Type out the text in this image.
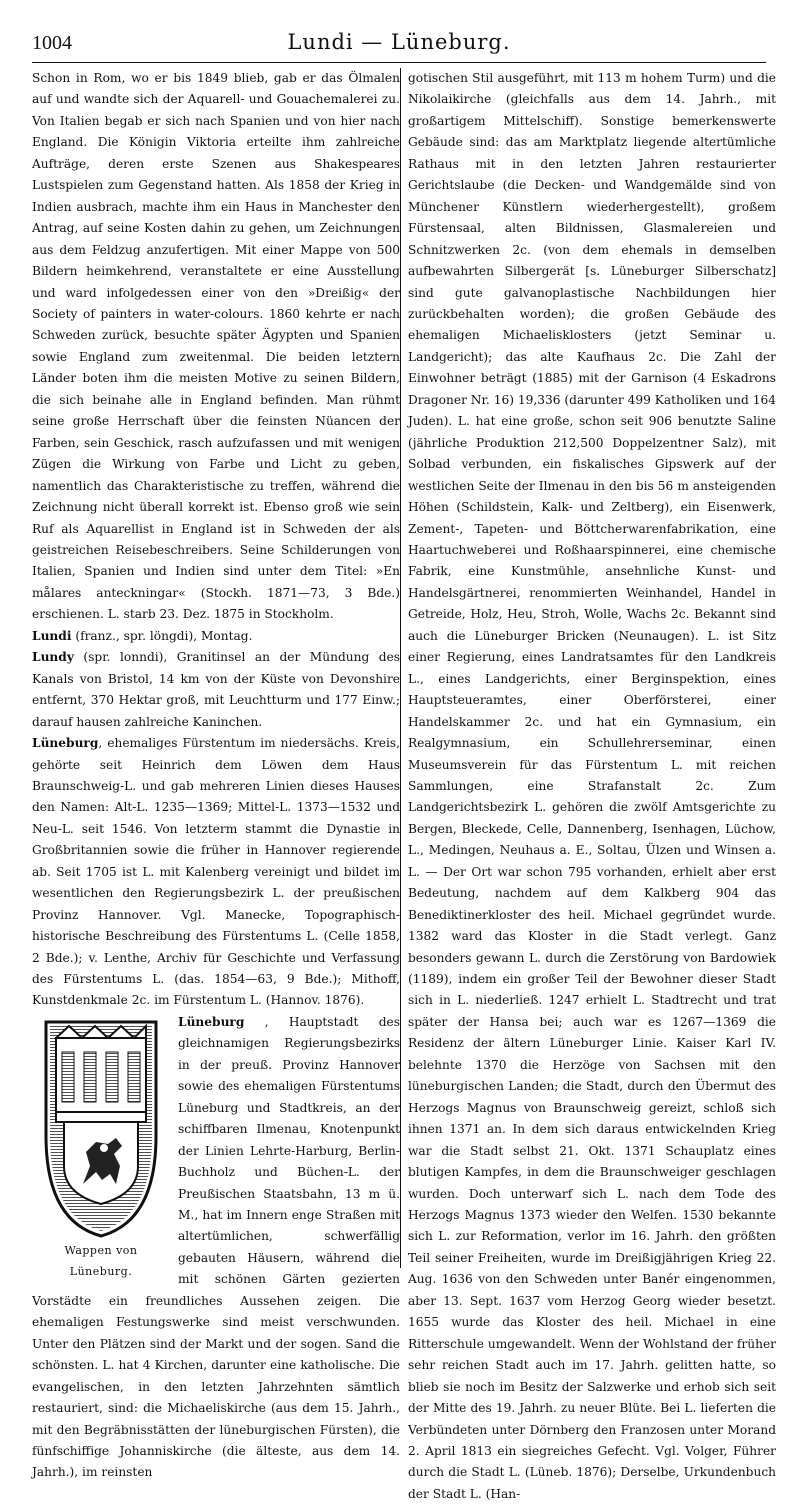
1004	Lundi — Lüneburg.

Schon in Rom, wo er bis 1849 blieb, gab er das Ölmalen auf und wandte sich der Aquarell- und Gouachemalerei zu. Von Italien begab er sich nach Spanien und von hier nach England. Die Königin Viktoria erteilte ihm zahlreiche Aufträge, deren erste Szenen aus Shakespeares Lustspielen zum Gegenstand hatten. Als 1858 der Krieg in Indien ausbrach, machte ihm ein Haus in Manchester den Antrag, auf seine Kosten dahin zu gehen, um Zeichnungen aus dem Feldzug anzufertigen. Mit einer Mappe von 500 Bildern heimkehrend, veranstaltete er eine Ausstellung und ward infolgedessen einer von den »Dreißig« der Society of painters in water-colours. 1860 kehrte er nach Schweden zurück, besuchte später Ägypten und Spanien sowie England zum zweitenmal. Die beiden letztern Länder boten ihm die meisten Motive zu seinen Bildern, die sich beinahe alle in England befinden. Man rühmt seine große Herrschaft über die feinsten Nüancen der Farben, sein Geschick, rasch aufzufassen und mit wenigen Zügen die Wirkung von Farbe und Licht zu geben, namentlich das Charakteristische zu treffen, während die Zeichnung nicht überall korrekt ist. Ebenso groß wie sein Ruf als Aquarellist in England ist in Schweden der als geistreichen Reisebeschreibers. Seine Schilderungen von Italien, Spanien und Indien sind unter dem Titel: »En målares anteckningar« (Stockh. 1871—73, 3 Bde.) erschienen. L. starb 23. Dez. 1875 in Stockholm.

Lundi (franz., spr. löngdi), Montag.

Lundy (spr. lonndi), Granitinsel an der Mündung des Kanals von Bristol, 14 km von der Küste von Devonshire entfernt, 370 Hektar groß, mit Leuchtturm und 177 Einw.; darauf hausen zahlreiche Kaninchen.

Lüneburg, ehemaliges Fürstentum im niedersächs. Kreis, gehörte seit Heinrich dem Löwen dem Haus Braunschweig-L. und gab mehreren Linien dieses Hauses den Namen: Alt-L. 1235—1369; Mittel-L. 1373—1532 und Neu-L. seit 1546. Von letzterm stammt die Dynastie in Großbritannien sowie die früher in Hannover regierende ab. Seit 1705 ist L. mit Kalenberg vereinigt und bildet im wesentlichen den Regierungsbezirk L. der preußischen Provinz Hannover. Vgl. Manecke, Topographisch-historische Beschreibung des Fürstentums L. (Celle 1858, 2 Bde.); v. Lenthe, Archiv für Geschichte und Verfassung des Fürstentums L. (das. 1854—63, 9 Bde.); Mithoff, Kunstdenkmale 2c. im Fürstentum L. (Hannov. 1876).

Lüneburg
Wappen von Lüneburg.
, Hauptstadt des gleichnamigen Regierungsbezirks in der preuß. Provinz Hannover sowie des ehemaligen Fürstentums Lüneburg und Stadtkreis, an der schiffbaren Ilmenau, Knotenpunkt der Linien Lehrte-Harburg, Berlin-Buchholz und Büchen-L. der Preußischen Staatsbahn, 13 m ü. M., hat im Innern enge Straßen mit altertümlichen, schwerfällig gebauten Häusern, während die mit schönen Gärten gezierten Vorstädte ein freundliches Aussehen zeigen. Die ehemaligen Festungswerke sind meist verschwunden. Unter den Plätzen sind der Markt und der sogen. Sand die schönsten. L. hat 4 Kirchen, darunter eine katholische. Die evangelischen, in den letzten Jahrzehnten sämtlich restauriert, sind: die Michaeliskirche (aus dem 15. Jahrh., mit den Begräbnisstätten der lüneburgischen Fürsten), die fünfschiffige Johanniskirche (die älteste, aus dem 14. Jahrh.), im reinsten

gotischen Stil ausgeführt, mit 113 m hohem Turm) und die Nikolaikirche (gleichfalls aus dem 14. Jahrh., mit großartigem Mittelschiff). Sonstige bemerkenswerte Gebäude sind: das am Marktplatz liegende altertümliche Rathaus mit in den letzten Jahren restaurierter Gerichtslaube (die Decken- und Wandgemälde sind von Münchener Künstlern wiederhergestellt), großem Fürstensaal, alten Bildnissen, Glasmalereien und Schnitzwerken 2c. (von dem ehemals in demselben aufbewahrten Silbergerät [s. Lüneburger Silberschatz] sind gute galvanoplastische Nachbildungen hier zurückbehalten worden); die großen Gebäude des ehemaligen Michaelisklosters (jetzt Seminar u. Landgericht); das alte Kaufhaus 2c. Die Zahl der Einwohner beträgt (1885) mit der Garnison (4 Eskadrons Dragoner Nr. 16) 19,336 (darunter 499 Katholiken und 164 Juden). L. hat eine große, schon seit 906 benutzte Saline (jährliche Produktion 212,500 Doppelzentner Salz), mit Solbad verbunden, ein fiskalisches Gipswerk auf der westlichen Seite der Ilmenau in den bis 56 m ansteigenden Höhen (Schildstein, Kalk- und Zeltberg), ein Eisenwerk, Zement-, Tapeten- und Böttcherwarenfabrikation, eine Haartuchweberei und Roßhaarspinnerei, eine chemische Fabrik, eine Kunstmühle, ansehnliche Kunst- und Handelsgärtnerei, renommierten Weinhandel, Handel in Getreide, Holz, Heu, Stroh, Wolle, Wachs 2c. Bekannt sind auch die Lüneburger Bricken (Neunaugen). L. ist Sitz einer Regierung, eines Landratsamtes für den Landkreis L., eines Landgerichts, einer Berginspektion, eines Hauptsteueramtes, einer Oberförsterei, einer Handelskammer 2c. und hat ein Gymnasium, ein Realgymnasium, ein Schullehrerseminar, einen Museumsverein für das Fürstentum L. mit reichen Sammlungen, eine Strafanstalt 2c. Zum Landgerichtsbezirk L. gehören die zwölf Amtsgerichte zu Bergen, Bleckede, Celle, Dannenberg, Isenhagen, Lüchow, L., Medingen, Neuhaus a. E., Soltau, Ülzen und Winsen a. L. — Der Ort war schon 795 vorhanden, erhielt aber erst Bedeutung, nachdem auf dem Kalkberg 904 das Benediktinerkloster des heil. Michael gegründet wurde. 1382 ward das Kloster in die Stadt verlegt. Ganz besonders gewann L. durch die Zerstörung von Bardowiek (1189), indem ein großer Teil der Bewohner dieser Stadt sich in L. niederließ. 1247 erhielt L. Stadtrecht und trat später der Hansa bei; auch war es 1267—1369 die Residenz der ältern Lüneburger Linie. Kaiser Karl IV. belehnte 1370 die Herzöge von Sachsen mit den lüneburgischen Landen; die Stadt, durch den Übermut des Herzogs Magnus von Braunschweig gereizt, schloß sich ihnen 1371 an. In dem sich daraus entwickelnden Krieg war die Stadt selbst 21. Okt. 1371 Schauplatz eines blutigen Kampfes, in dem die Braunschweiger geschlagen wurden. Doch unterwarf sich L. nach dem Tode des Herzogs Magnus 1373 wieder den Welfen. 1530 bekannte sich L. zur Reformation, verlor im 16. Jahrh. den größten Teil seiner Freiheiten, wurde im Dreißigjährigen Krieg 22. Aug. 1636 von den Schweden unter Banér eingenommen, aber 13. Sept. 1637 vom Herzog Georg wieder besetzt. 1655 wurde das Kloster des heil. Michael in eine Ritterschule umgewandelt. Wenn der Wohlstand der früher sehr reichen Stadt auch im 17. Jahrh. gelitten hatte, so blieb sie noch im Besitz der Salzwerke und erhob sich seit der Mitte des 19. Jahrh. zu neuer Blüte. Bei L. lieferten die Verbündeten unter Dörnberg den Franzosen unter Morand 2. April 1813 ein siegreiches Gefecht. Vgl. Volger, Führer durch die Stadt L. (Lüneb. 1876); Derselbe, Urkundenbuch der Stadt L. (Han-
